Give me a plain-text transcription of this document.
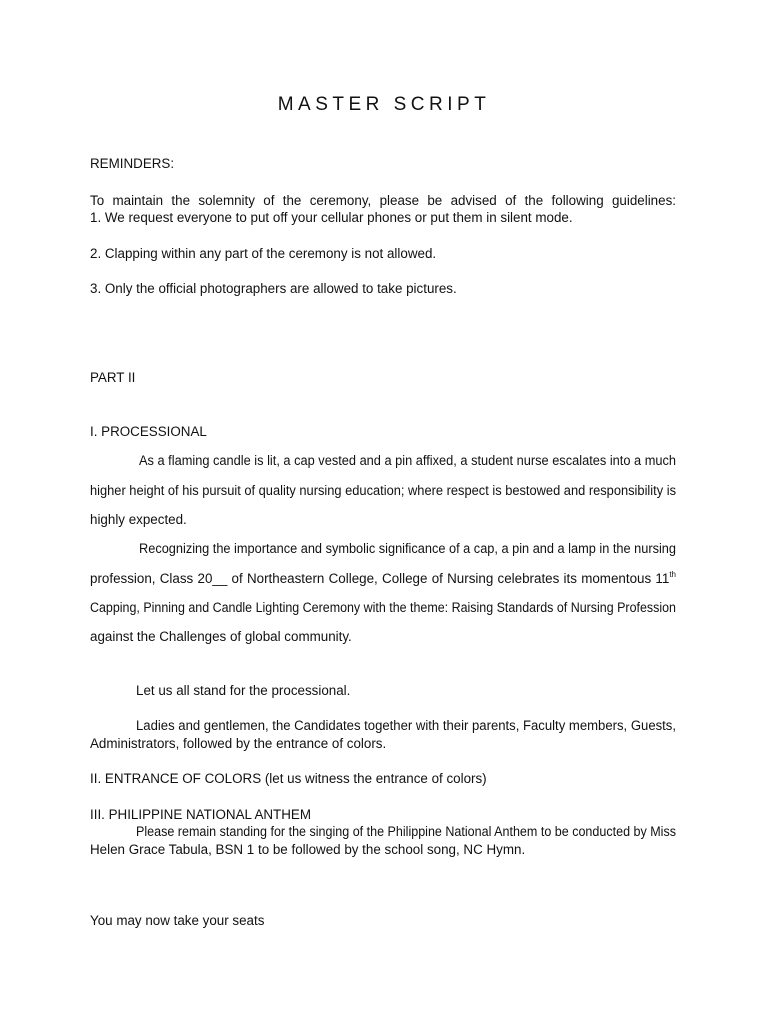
MASTER SCRIPT
REMINDERS:
To maintain the solemnity of the ceremony, please be advised of the following guidelines:
1. We request everyone to put off your cellular phones or put them in silent mode.
2. Clapping within any part of the ceremony is not allowed.
3. Only the official photographers are allowed to take pictures.
PART II
I. PROCESSIONAL
As a flaming candle is lit, a cap vested and a pin affixed, a student nurse escalates into a much
higher height of his pursuit of quality nursing education; where respect is bestowed and responsibility is
highly expected.
Recognizing the importance and symbolic significance of a cap, a pin and a lamp in the nursing
profession, Class 20__ of Northeastern College, College of Nursing celebrates its momentous 11th
Capping, Pinning and Candle Lighting Ceremony with the theme: Raising Standards of Nursing Profession
against the Challenges of global community.
Let us all stand for the processional.
Ladies and gentlemen, the Candidates together with their parents, Faculty members, Guests,
Administrators, followed by the entrance of colors.
II. ENTRANCE OF COLORS (let us witness the entrance of colors)
III. PHILIPPINE NATIONAL ANTHEM
Please remain standing for the singing of the Philippine National Anthem to be conducted by Miss
Helen Grace Tabula, BSN 1 to be followed by the school song, NC Hymn.
You may now take your seats
